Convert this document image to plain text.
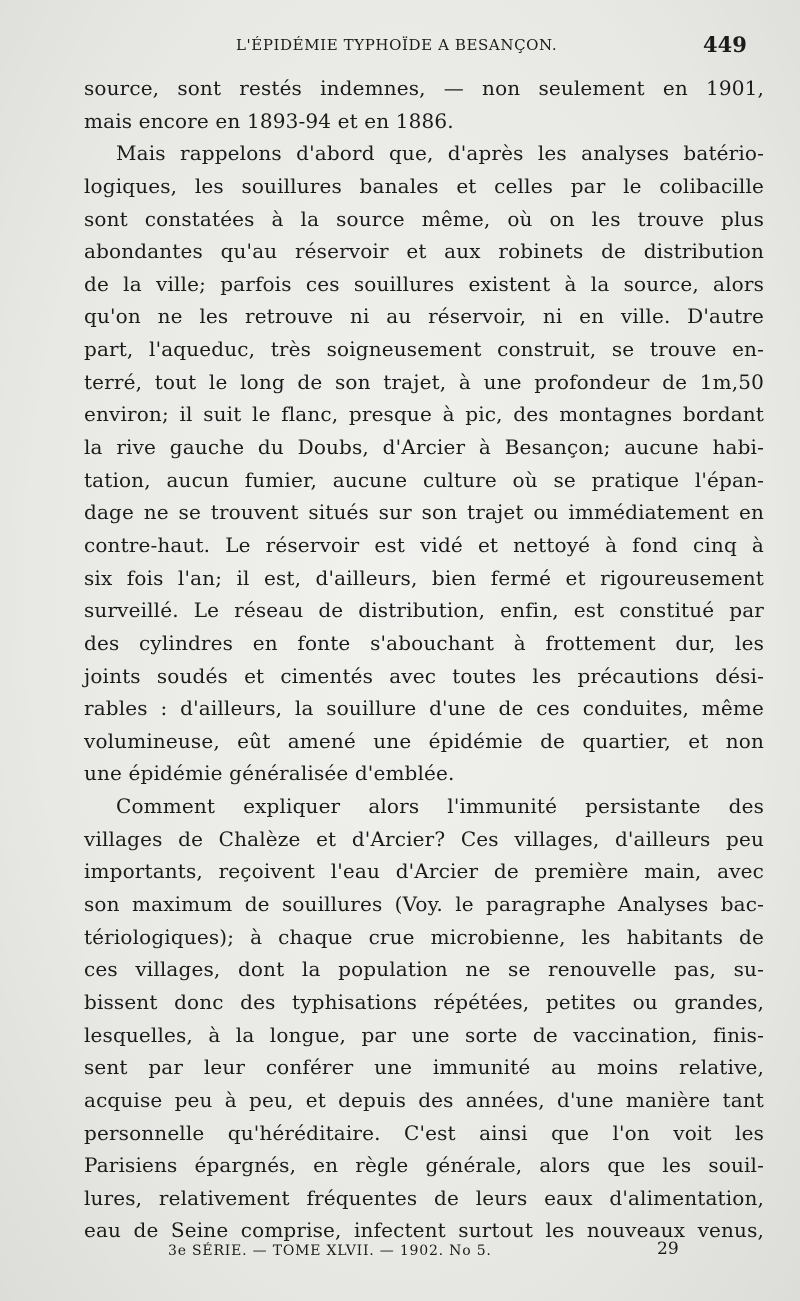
L'ÉPIDÉMIE TYPHOÏDE A BESANÇON.	449
source, sont restés indemnes, — non seulement en 1901,
mais encore en 1893-94 et en 1886.
Mais rappelons d'abord que, d'après les analyses batério-
logiques, les souillures banales et celles par le colibacille
sont constatées à la source même, où on les trouve plus
abondantes qu'au réservoir et aux robinets de distribution
de la ville; parfois ces souillures existent à la source, alors
qu'on ne les retrouve ni au réservoir, ni en ville. D'autre
part, l'aqueduc, très soigneusement construit, se trouve en-
terré, tout le long de son trajet, à une profondeur de 1m,50
environ; il suit le flanc, presque à pic, des montagnes bordant
la rive gauche du Doubs, d'Arcier à Besançon; aucune habi-
tation, aucun fumier, aucune culture où se pratique l'épan-
dage ne se trouvent situés sur son trajet ou immédiatement en
contre-haut. Le réservoir est vidé et nettoyé à fond cinq à
six fois l'an; il est, d'ailleurs, bien fermé et rigoureusement
surveillé. Le réseau de distribution, enfin, est constitué par
des cylindres en fonte s'abouchant à frottement dur, les
joints soudés et cimentés avec toutes les précautions dési-
rables : d'ailleurs, la souillure d'une de ces conduites, même
volumineuse, eût amené une épidémie de quartier, et non
une épidémie généralisée d'emblée.
Comment expliquer alors l'immunité persistante des
villages de Chalèze et d'Arcier? Ces villages, d'ailleurs peu
importants, reçoivent l'eau d'Arcier de première main, avec
son maximum de souillures (Voy. le paragraphe Analyses bac-
tériologiques); à chaque crue microbienne, les habitants de
ces villages, dont la population ne se renouvelle pas, su-
bissent donc des typhisations répétées, petites ou grandes,
lesquelles, à la longue, par une sorte de vaccination, finis-
sent par leur conférer une immunité au moins relative,
acquise peu à peu, et depuis des années, d'une manière tant
personnelle qu'héréditaire. C'est ainsi que l'on voit les
Parisiens épargnés, en règle générale, alors que les souil-
lures, relativement fréquentes de leurs eaux d'alimentation,
eau de Seine comprise, infectent surtout les nouveaux venus,
3e SÉRIE. — TOME XLVII. — 1902. No 5.	29
